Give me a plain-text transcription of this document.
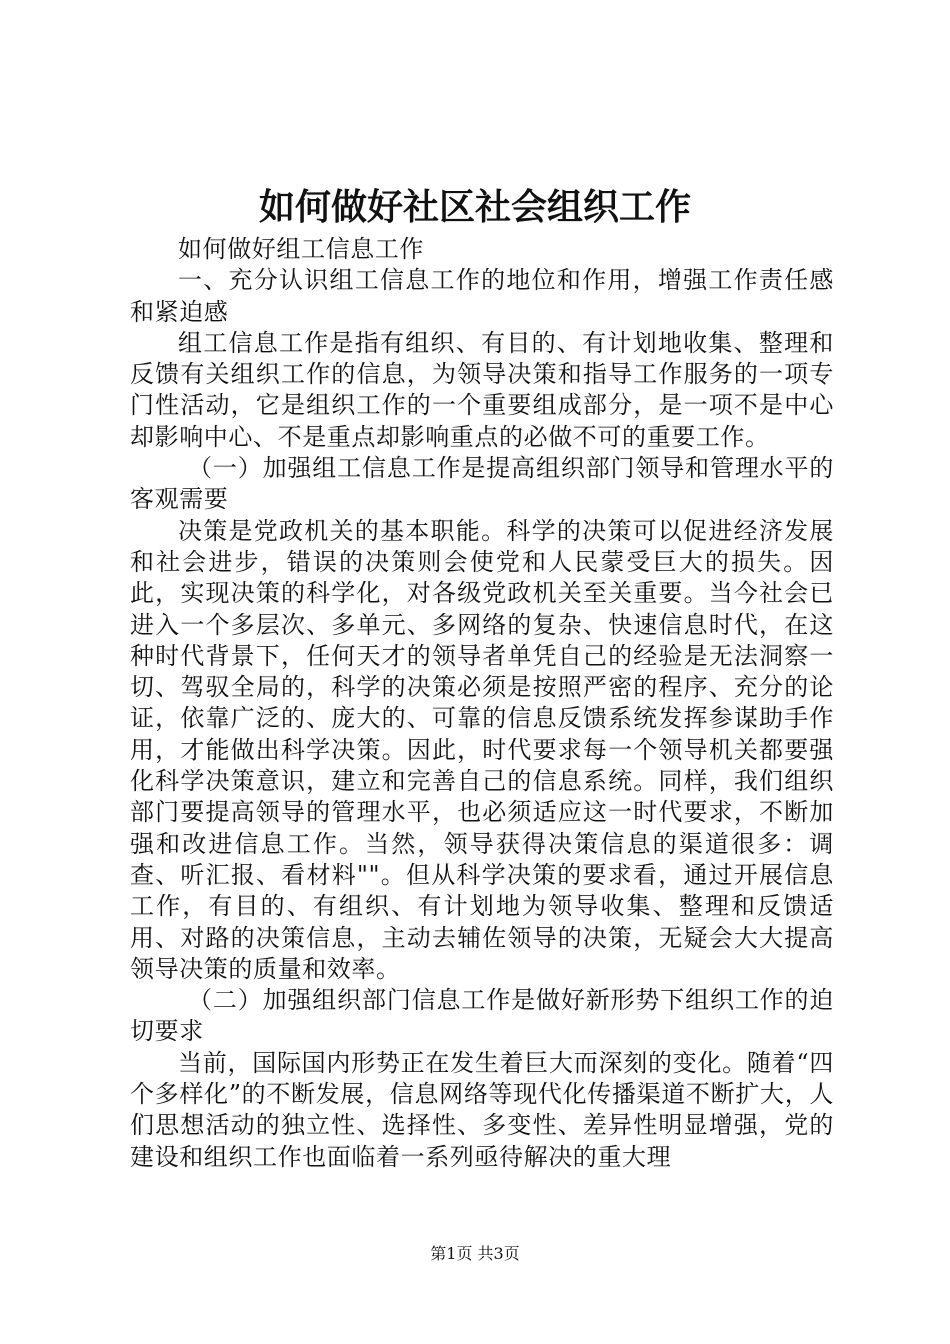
如何做好社区社会组织工作

如何做好组工信息工作

一、充分认识组工信息工作的地位和作用，增强工作责任感和紧迫感

组工信息工作是指有组织、有目的、有计划地收集、整理和反馈有关组织工作的信息，为领导决策和指导工作服务的一项专门性活动，它是组织工作的一个重要组成部分，是一项不是中心却影响中心、不是重点却影响重点的必做不可的重要工作。

（一）加强组工信息工作是提高组织部门领导和管理水平的客观需要

决策是党政机关的基本职能。科学的决策可以促进经济发展和社会进步，错误的决策则会使党和人民蒙受巨大的损失。因此，实现决策的科学化，对各级党政机关至关重要。当今社会已进入一个多层次、多单元、多网络的复杂、快速信息时代，在这种时代背景下，任何天才的领导者单凭自己的经验是无法洞察一切、驾驭全局的，科学的决策必须是按照严密的程序、充分的论证，依靠广泛的、庞大的、可靠的信息反馈系统发挥参谋助手作用，才能做出科学决策。因此，时代要求每一个领导机关都要强化科学决策意识，建立和完善自己的信息系统。同样，我们组织部门要提高领导的管理水平，也必须适应这一时代要求，不断加强和改进信息工作。当然，领导获得决策信息的渠道很多：调查、听汇报、看材料""。但从科学决策的要求看，通过开展信息工作，有目的、有组织、有计划地为领导收集、整理和反馈适用、对路的决策信息，主动去辅佐领导的决策，无疑会大大提高领导决策的质量和效率。

（二）加强组织部门信息工作是做好新形势下组织工作的迫切要求

当前，国际国内形势正在发生着巨大而深刻的变化。随着“四个多样化”的不断发展，信息网络等现代化传播渠道不断扩大，人们思想活动的独立性、选择性、多变性、差异性明显增强，党的建设和组织工作也面临着一系列亟待解决的重大理

第1页 共3页
